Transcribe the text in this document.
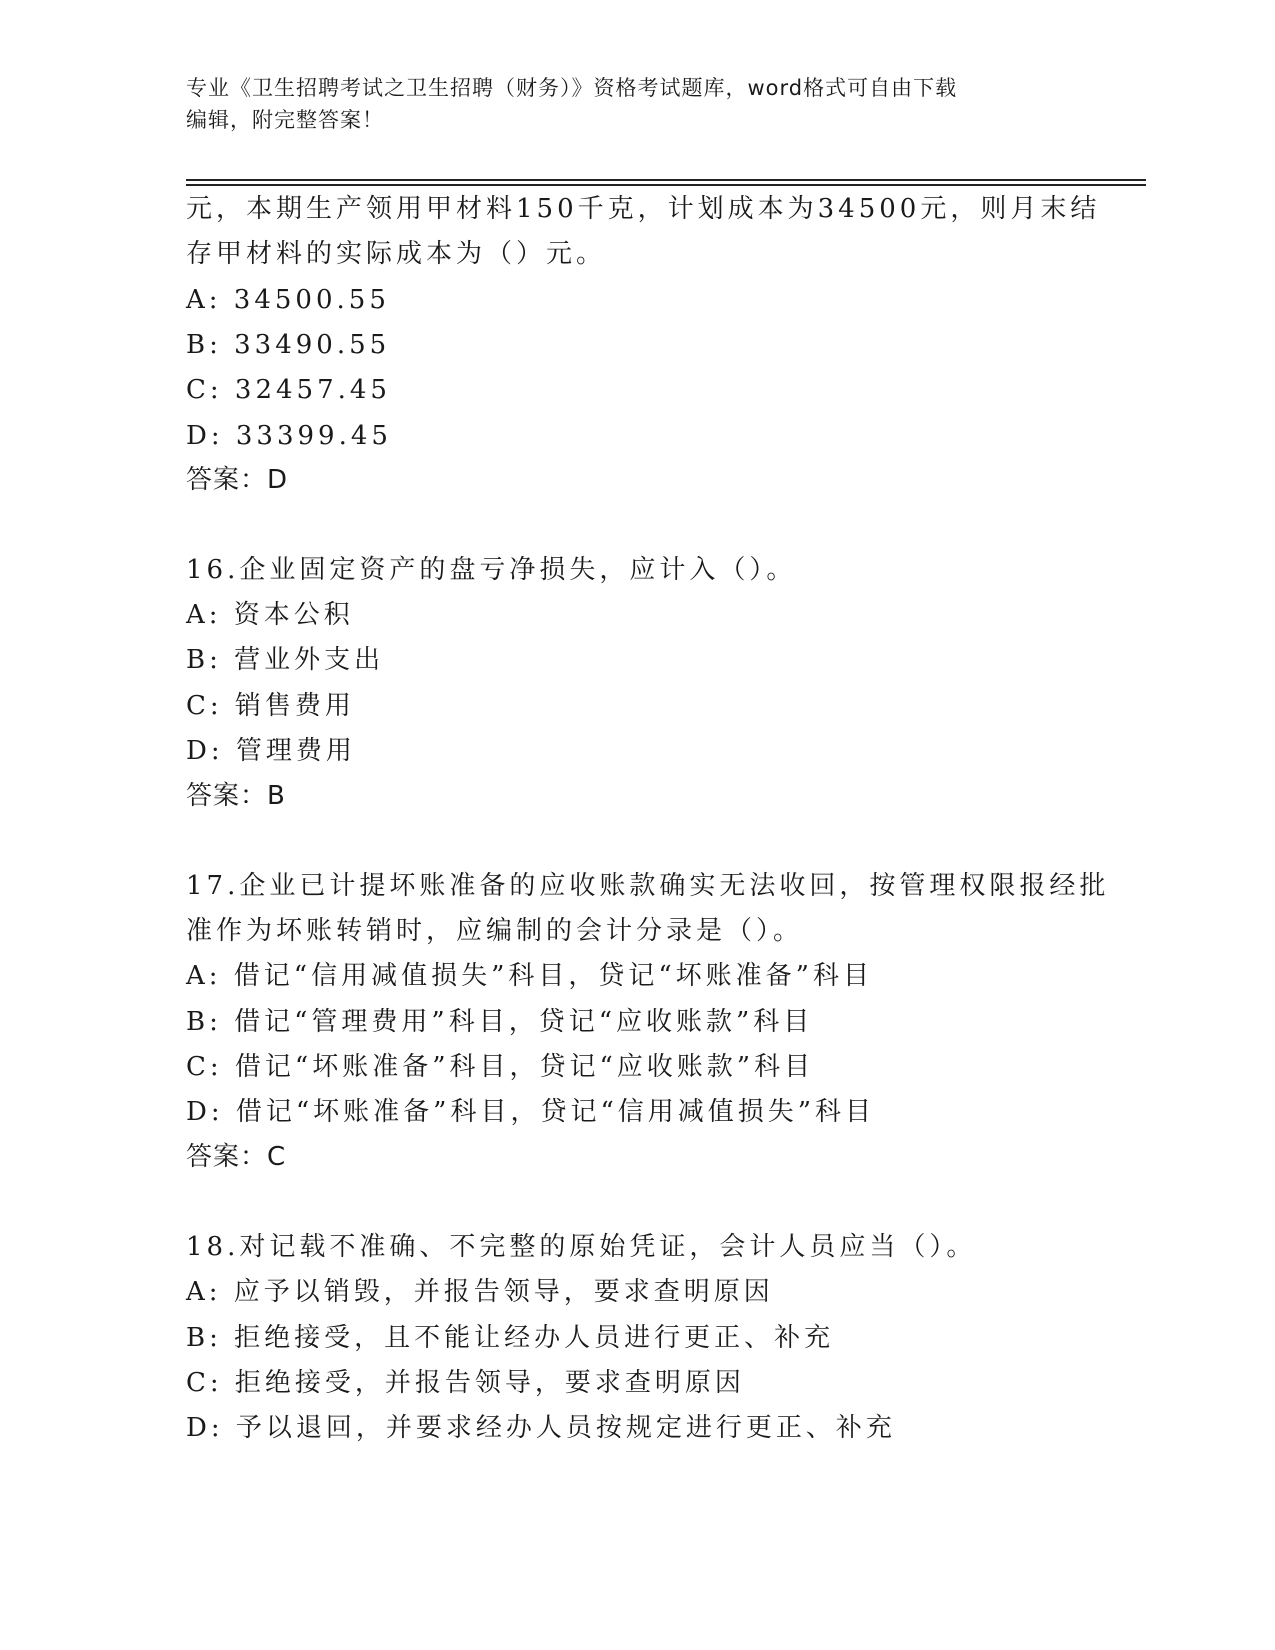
专业《卫生招聘考试之卫生招聘（财务）》资格考试题库，word格式可自由下载
编辑，附完整答案！
元，本期生产领用甲材料150千克，计划成本为34500元，则月末结
存甲材料的实际成本为（）元。
A: 34500.55
B: 33490.55
C: 32457.45
D: 33399.45
答案：D
16.企业固定资产的盘亏净损失，应计入（）。
A: 资本公积
B: 营业外支出
C: 销售费用
D: 管理费用
答案：B
17.企业已计提坏账准备的应收账款确实无法收回，按管理权限报经批
准作为坏账转销时，应编制的会计分录是（）。
A: 借记“信用减值损失”科目，贷记“坏账准备”科目
B: 借记“管理费用”科目，贷记“应收账款”科目
C: 借记“坏账准备”科目，贷记“应收账款”科目
D: 借记“坏账准备”科目，贷记“信用减值损失”科目
答案：C
18.对记载不准确、不完整的原始凭证，会计人员应当（）。
A: 应予以销毁，并报告领导，要求查明原因
B: 拒绝接受，且不能让经办人员进行更正、补充
C: 拒绝接受，并报告领导，要求查明原因
D: 予以退回，并要求经办人员按规定进行更正、补充
